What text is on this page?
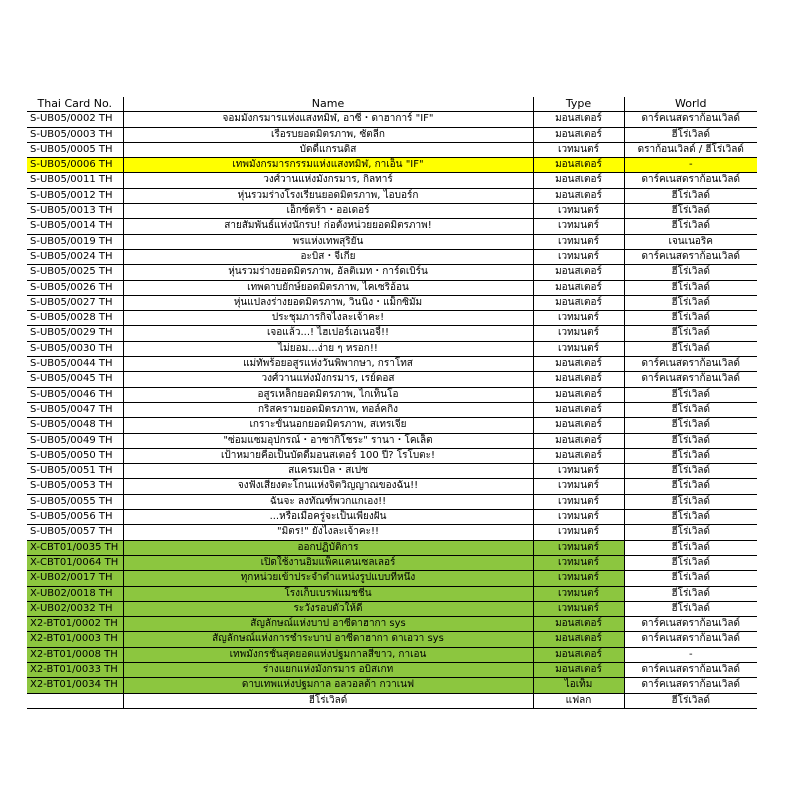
Thai Card No.	Name	Type	World
S-UB05/0002 TH	จอมมังกรมารแห่งแสงทมิฬ, อาซี・ดาฮาการ์ "IF"	มอนสเตอร์	ดาร์คเนสดราก้อนเวิลด์
S-UB05/0003 TH	เรือรบยอดมิตรภาพ, ซัตลีก	มอนสเตอร์	ฮีโร่เวิลด์
S-UB05/0005 TH	บัดดี้แกรนดิส	เวทมนตร์	ดราก้อนเวิลด์ / ฮีโร่เวิลด์
S-UB05/0006 TH	เทพมังกรมารกรรมแห่งแสงทมิฬ, กาเอ็น "IF"	มอนสเตอร์	-
S-UB05/0011 TH	วงศ์วานแห่งมังกรมาร, กิลทาร์	มอนสเตอร์	ดาร์คเนสดราก้อนเวิลด์
S-UB05/0012 TH	หุ่นรวมร่างโรงเรียนยอดมิตรภาพ, ไอบอร์ก	มอนสเตอร์	ฮีโร่เวิลด์
S-UB05/0013 TH	เอ็กซ์ตร้า・ออเดอร์	เวทมนตร์	ฮีโร่เวิลด์
S-UB05/0014 TH	สายสัมพันธ์แห่งนักรบ! ก่อตั้งหน่วยยอดมิตรภาพ!	เวทมนตร์	ฮีโร่เวิลด์
S-UB05/0019 TH	พรแห่งเทพสุริยัน	เวทมนตร์	เจนเนอริค
S-UB05/0024 TH	อะบิส・จีเกีย	เวทมนตร์	ดาร์คเนสดราก้อนเวิลด์
S-UB05/0025 TH	หุ่นรวมร่างยอดมิตรภาพ, อัลติเมท・การ์ดเบิร์น	มอนสเตอร์	ฮีโร่เวิลด์
S-UB05/0026 TH	เทพดาบยักษ์ยอดมิตรภาพ, ไคเซริอ้อน	มอนสเตอร์	ฮีโร่เวิลด์
S-UB05/0027 TH	หุ่นแปลงร่างยอดมิตรภาพ, วินนิ่ง・แม็กซิมัม	มอนสเตอร์	ฮีโร่เวิลด์
S-UB05/0028 TH	ประชุมภารกิจไงละเจ้าคะ!	เวทมนตร์	ฮีโร่เวิลด์
S-UB05/0029 TH	เจอแล้ว...! ไฮเปอร์เอเนอจี้!!	เวทมนตร์	ฮีโร่เวิลด์
S-UB05/0030 TH	ไม่ยอม...ง่าย ๆ หรอก!!	เวทมนตร์	ฮีโร่เวิลด์
S-UB05/0044 TH	แม่ทัพร้อยอสูรแห่งวันพิพากษา, กราโทส	มอนสเตอร์	ดาร์คเนสดราก้อนเวิลด์
S-UB05/0045 TH	วงศ์วานแห่งมังกรมาร, เรย์ดอส	มอนสเตอร์	ดาร์คเนสดราก้อนเวิลด์
S-UB05/0046 TH	อสูรเหล็กยอดมิตรภาพ, ไกเท็นโอ	มอนสเตอร์	ฮีโร่เวิลด์
S-UB05/0047 TH	กริสครามยอดมิตรภาพ, ทอล์คกิง	มอนสเตอร์	ฮีโร่เวิลด์
S-UB05/0048 TH	เกราะขั้นนอกยอดมิตรภาพ, สเทรเจีย	มอนสเตอร์	ฮีโร่เวิลด์
S-UB05/0049 TH	"ซ่อมแซมอุปกรณ์・อาซากิโชระ" รานา・โคเล็ต	มอนสเตอร์	ฮีโร่เวิลด์
S-UB05/0050 TH	เป้าหมายคือเป็นบัดดี้มอนสเตอร์ 100 ปี? โรโบตะ!	มอนสเตอร์	ฮีโร่เวิลด์
S-UB05/0051 TH	สแครมเบิล・สเปซ	เวทมนตร์	ฮีโร่เวิลด์
S-UB05/0053 TH	จงฟังเสียงตะโกนแห่งจิตวิญญาณของฉัน!!	เวทมนตร์	ฮีโร่เวิลด์
S-UB05/0055 TH	ฉันจะ ลงทัณฑ์พวกแกเอง!!	เวทมนตร์	ฮีโร่เวิลด์
S-UB05/0056 TH	...หรือเมื่อครู่จะเป็นเพียงฝัน	เวทมนตร์	ฮีโร่เวิลด์
S-UB05/0057 TH	"มิตร!" ยังไงละเจ้าคะ!!	เวทมนตร์	ฮีโร่เวิลด์
X-CBT01/0035 TH	ออกปฏิบัติการ	เวทมนตร์	ฮีโร่เวิลด์
X-CBT01/0064 TH	เปิดใช้งานอิมแพ็คแคนเซลเลอร์	เวทมนตร์	ฮีโร่เวิลด์
X-UB02/0017 TH	ทุกหน่วยเข้าประจำตำแหน่งรูปแบบที่หนึ่ง	เวทมนตร์	ฮีโร่เวิลด์
X-UB02/0018 TH	โรงเก็บเบรฟแมชชีน	เวทมนตร์	ฮีโร่เวิลด์
X-UB02/0032 TH	ระวังรอบตัวให้ดี	เวทมนตร์	ฮีโร่เวิลด์
X2-BT01/0002 TH	สัญลักษณ์แห่งบาป อาซีดาฮากา sys	มอนสเตอร์	ดาร์คเนสดราก้อนเวิลด์
X2-BT01/0003 TH	สัญลักษณ์แห่งการชำระบาป อาซีดาฮากา ดาเอวา sys	มอนสเตอร์	ดาร์คเนสดราก้อนเวิลด์
X2-BT01/0008 TH	เทพมังกรชั้นสุดยอดแห่งปฐมกาลสีขาว, กาเอน	มอนสเตอร์	-
X2-BT01/0033 TH	ร่างแยกแห่งมังกรมาร อบิสเกท	มอนสเตอร์	ดาร์คเนสดราก้อนเวิลด์
X2-BT01/0034 TH	ดาบเทพแห่งปฐมกาล อลวอลด้า กวาเนฟ	ไอเท็ม	ดาร์คเนสดราก้อนเวิลด์
	ฮีโร่เวิลด์	แฟลก	ฮีโร่เวิลด์
